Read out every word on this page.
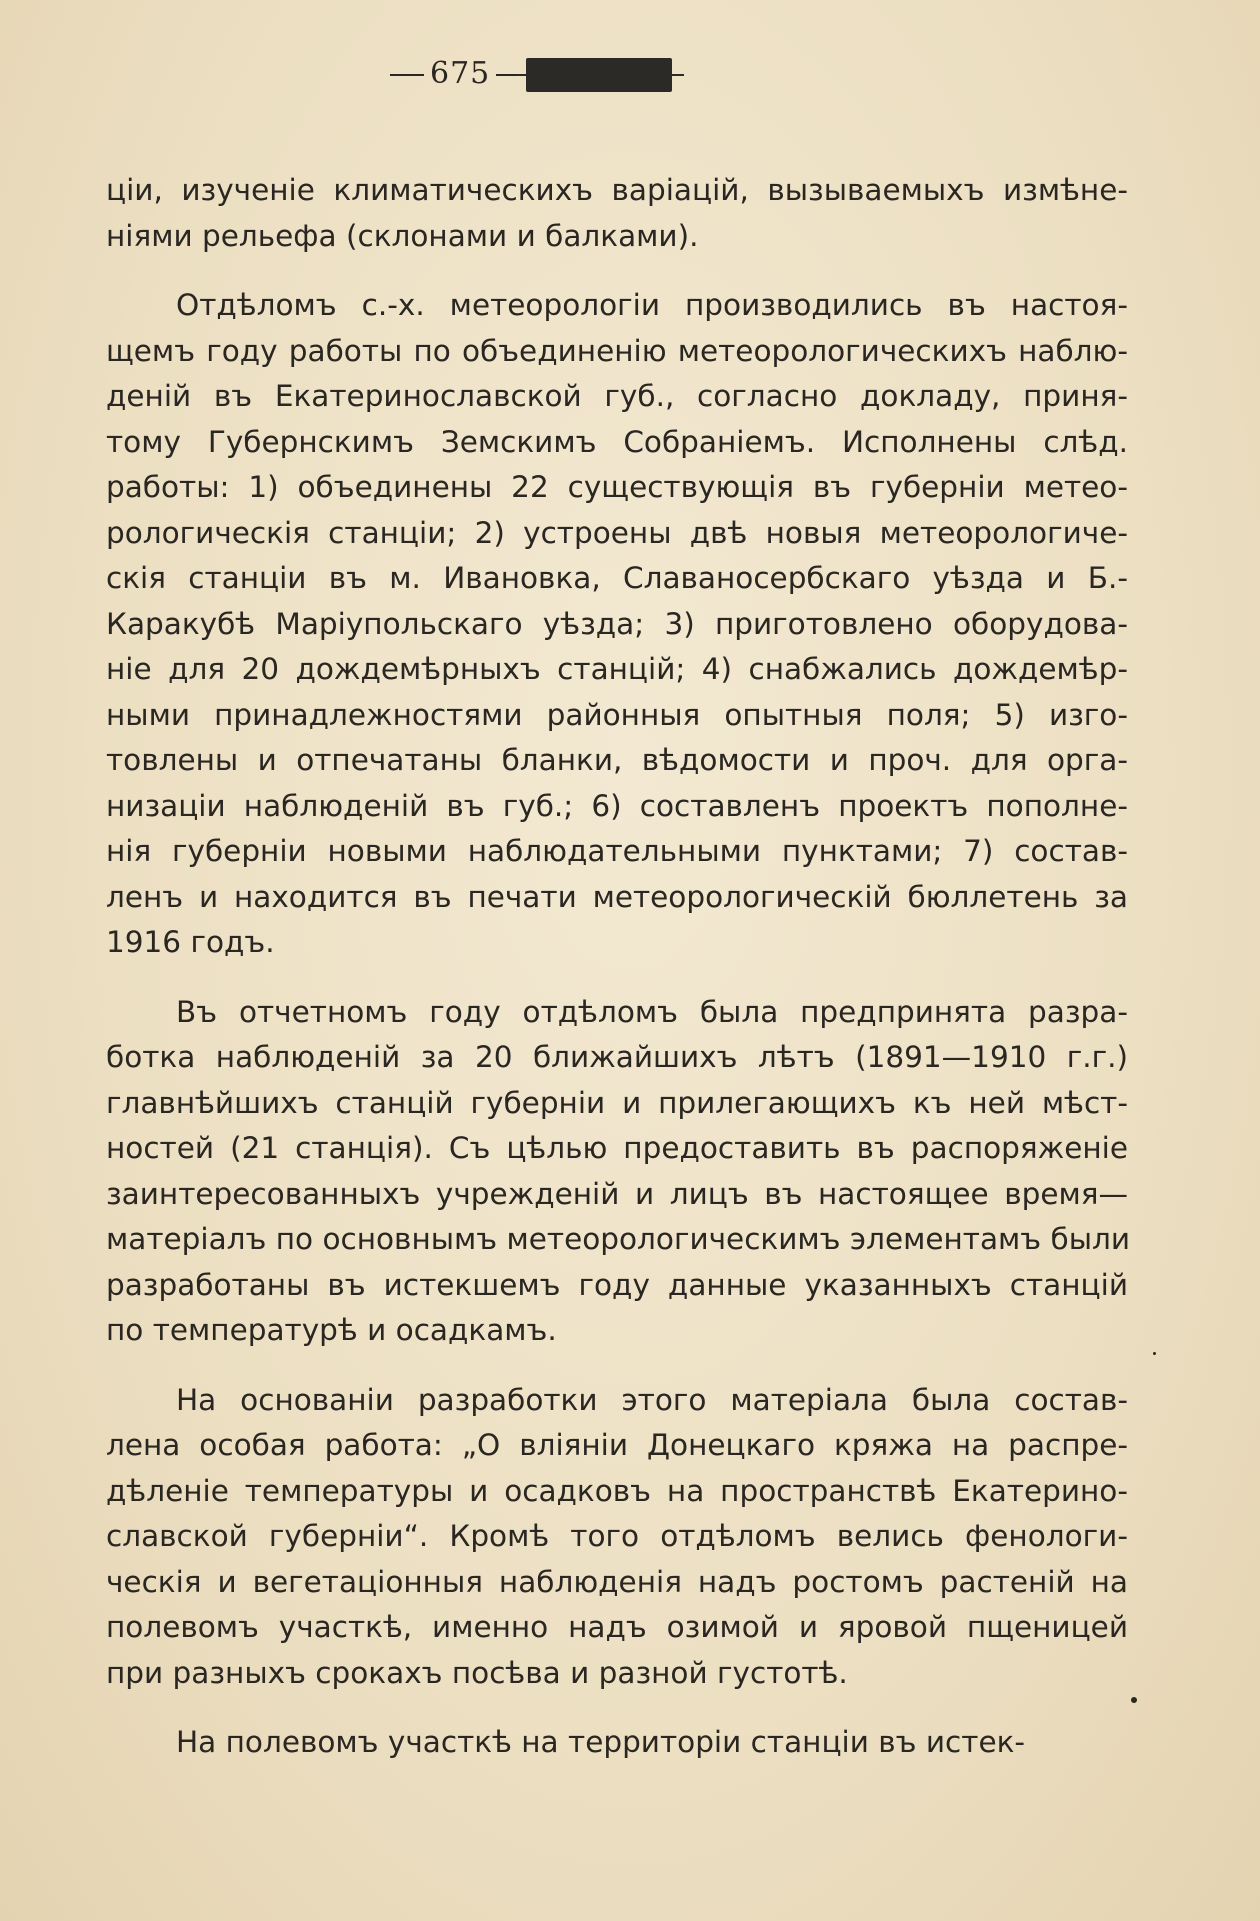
675
ціи, изученіе климатическихъ варіацій, вызываемыхъ измѣне-
ніями рельефа (склонами и балками).
Отдѣломъ с.-х. метеорологіи производились въ настоя-
щемъ году работы по объединенію метеорологическихъ наблю-
деній въ Екатеринославской губ., согласно докладу, приня-
тому Губернскимъ Земскимъ Собраніемъ. Исполнены слѣд.
работы: 1) объединены 22 существующія въ губерніи метео-
рологическія станціи; 2) устроены двѣ новыя метеорологиче-
скія станціи въ м. Ивановка, Славаносербскаго уѣзда и Б.-
Каракубѣ Маріупольскаго уѣзда; 3) приготовлено оборудова-
ніе для 20 дождемѣрныхъ станцій; 4) снабжались дождемѣр-
ными принадлежностями районныя опытныя поля; 5) изго-
товлены и отпечатаны бланки, вѣдомости и проч. для орга-
низаціи наблюденій въ губ.; 6) составленъ проектъ пополне-
нія губерніи новыми наблюдательными пунктами; 7) состав-
ленъ и находится въ печати метеорологическій бюллетень за
1916 годъ.
Въ отчетномъ году отдѣломъ была предпринята разра-
ботка наблюденій за 20 ближайшихъ лѣтъ (1891—1910 г.г.)
главнѣйшихъ станцій губерніи и прилегающихъ къ ней мѣст-
ностей (21 станція). Съ цѣлью предоставить въ распоряженіе
заинтересованныхъ учрежденій и лицъ въ настоящее время—
матеріалъ по основнымъ метеорологическимъ элементамъ были
разработаны въ истекшемъ году данные указанныхъ станцій
по температурѣ и осадкамъ.
На основаніи разработки этого матеріала была состав-
лена особая работа: „О вліяніи Донецкаго кряжа на распре-
дѣленіе температуры и осадковъ на пространствѣ Екатерино-
славской губерніи“. Кромѣ того отдѣломъ велись фенологи-
ческія и вегетаціонныя наблюденія надъ ростомъ растеній на
полевомъ участкѣ, именно надъ озимой и яровой пщеницей
при разныхъ срокахъ посѣва и разной густотѣ.
На полевомъ участкѣ на территоріи станціи въ истек-
